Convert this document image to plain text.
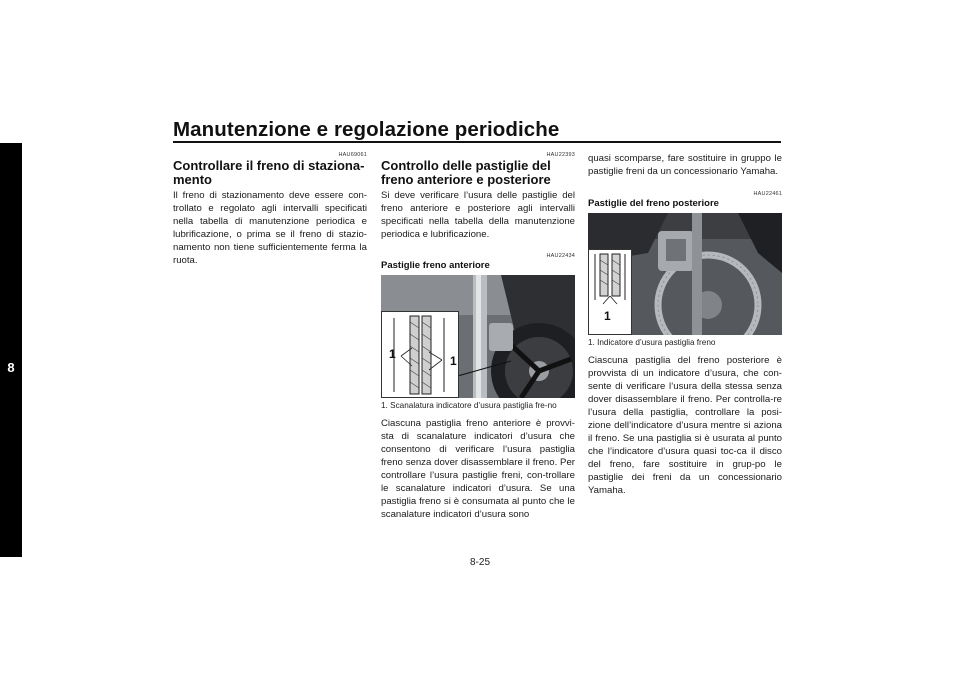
Manutenzione e regolazione periodiche
8
HAU69061
Controllare il freno di staziona-mento

Il freno di stazionamento deve essere con-trollato e regolato agli intervalli specificati nella tabella di manutenzione periodica e lubrificazione, o prima se il freno di stazio-namento non tiene sufficientemente ferma la ruota.

HAU22393
Controllo delle pastiglie del freno anteriore e posteriore

Si deve verificare l’usura delle pastiglie del freno anteriore e posteriore agli intervalli specificati nella tabella della manutenzione periodica e lubrificazione.

HAU22434
Pastiglie freno anteriore
1	1
1. Scanalatura indicatore d’usura pastiglia fre-no

Ciascuna pastiglia freno anteriore è provvi-sta di scanalature indicatori d’usura che consentono di verificare l’usura pastiglia freno senza dover disassemblare il freno. Per controllare l’usura pastiglie freni, con-trollare le scanalature indicatori d’usura. Se una pastiglia freno si è consumata al punto che le scanalature indicatori d’usura sono

quasi scomparse, fare sostituire in gruppo le pastiglie freni da un concessionario Yamaha.

HAU22461
Pastiglie del freno posteriore
1
1. Indicatore d’usura pastiglia freno

Ciascuna pastiglia del freno posteriore è provvista di un indicatore d’usura, che con-sente di verificare l’usura della stessa senza dover disassemblare il freno. Per controlla-re l’usura della pastiglia, controllare la posi-zione dell’indicatore d’usura mentre si aziona il freno. Se una pastiglia si è usurata al punto che l’indicatore d’usura quasi toc-ca il disco del freno, fare sostituire in grup-po le pastiglie dei freni da un concessionario Yamaha.

8-25
